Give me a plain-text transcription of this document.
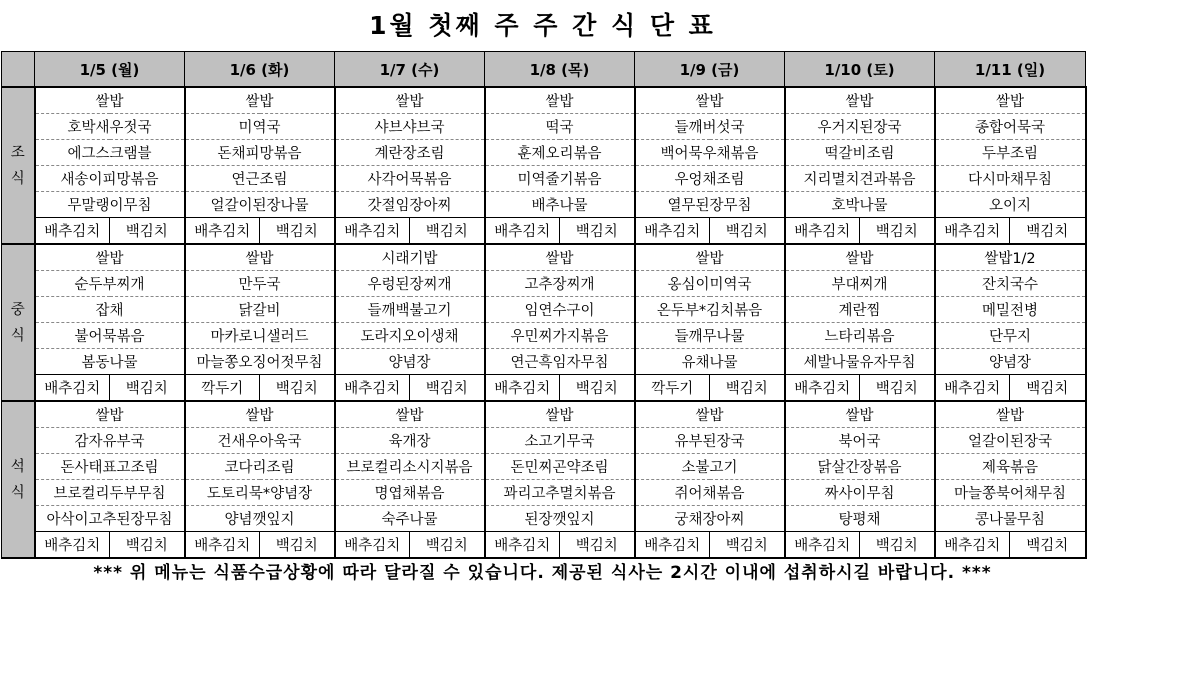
1월 첫째 주 주 간 식 단 표
	1/5 (월)		1/6 (화)		1/7 (수)		1/8 (목)		1/9 (금)		1/10 (토)		1/11 (일)	

조
식	쌀밥		쌀밥		쌀밥		쌀밥		쌀밥		쌀밥		쌀밥	
	호박새우젓국		미역국		샤브샤브국		떡국		들깨버섯국		우거지된장국		종합어묵국	
	에그스크램블		돈채피망볶음		계란장조림		훈제오리볶음		백어묵우채볶음		떡갈비조림		두부조림	
	새송이피망볶음		연근조림		사각어묵볶음		미역줄기볶음		우엉채조림		지리멸치견과볶음		다시마채무침	
	무말랭이무침		얼갈이된장나물		갓절임장아찌		배추나물		열무된장무침		호박나물		오이지	
	배추김치	백김치	배추김치	백김치	배추김치	백김치	배추김치	백김치	배추김치	백김치	배추김치	백김치	배추김치	백김치

중
식	쌀밥		쌀밥		시래기밥		쌀밥		쌀밥		쌀밥		쌀밥1/2	
	순두부찌개		만두국		우렁된장찌개		고추장찌개		옹심이미역국		부대찌개		잔치국수	
	잡채		닭갈비		들깨백불고기		임연수구이		온두부*김치볶음		계란찜		메밀전병	
	불어묵볶음		마카로니샐러드		도라지오이생채		우민찌가지볶음		들깨무나물		느타리볶음		단무지	
	봄동나물		마늘쫑오징어젓무침		양념장		연근흑임자무침		유채나물		세발나물유자무침		양념장	
	배추김치	백김치	깍두기	백김치	배추김치	백김치	배추김치	백김치	깍두기	백김치	배추김치	백김치	배추김치	백김치

석
식	쌀밥		쌀밥		쌀밥		쌀밥		쌀밥		쌀밥		쌀밥	
	감자유부국		건새우아욱국		육개장		소고기무국		유부된장국		북어국		얼갈이된장국	
	돈사태표고조림		코다리조림		브로컬리소시지볶음		돈민찌곤약조림		소불고기		닭살간장볶음		제육볶음	
	브로컬리두부무침		도토리묵*양념장		명엽채볶음		꽈리고추멸치볶음		쥐어채볶음		짜사이무침		마늘쫑북어채무침	
	아삭이고추된장무침		양념깻잎지		숙주나물		된장깻잎지		궁채장아찌		탕평채		콩나물무침	
	배추김치	백김치	배추김치	백김치	배추김치	백김치	배추김치	백김치	배추김치	백김치	배추김치	백김치	배추김치	백김치
*** 위 메뉴는 식품수급상황에 따라 달라질 수 있습니다. 제공된 식사는 2시간 이내에 섭취하시길 바랍니다. ***
